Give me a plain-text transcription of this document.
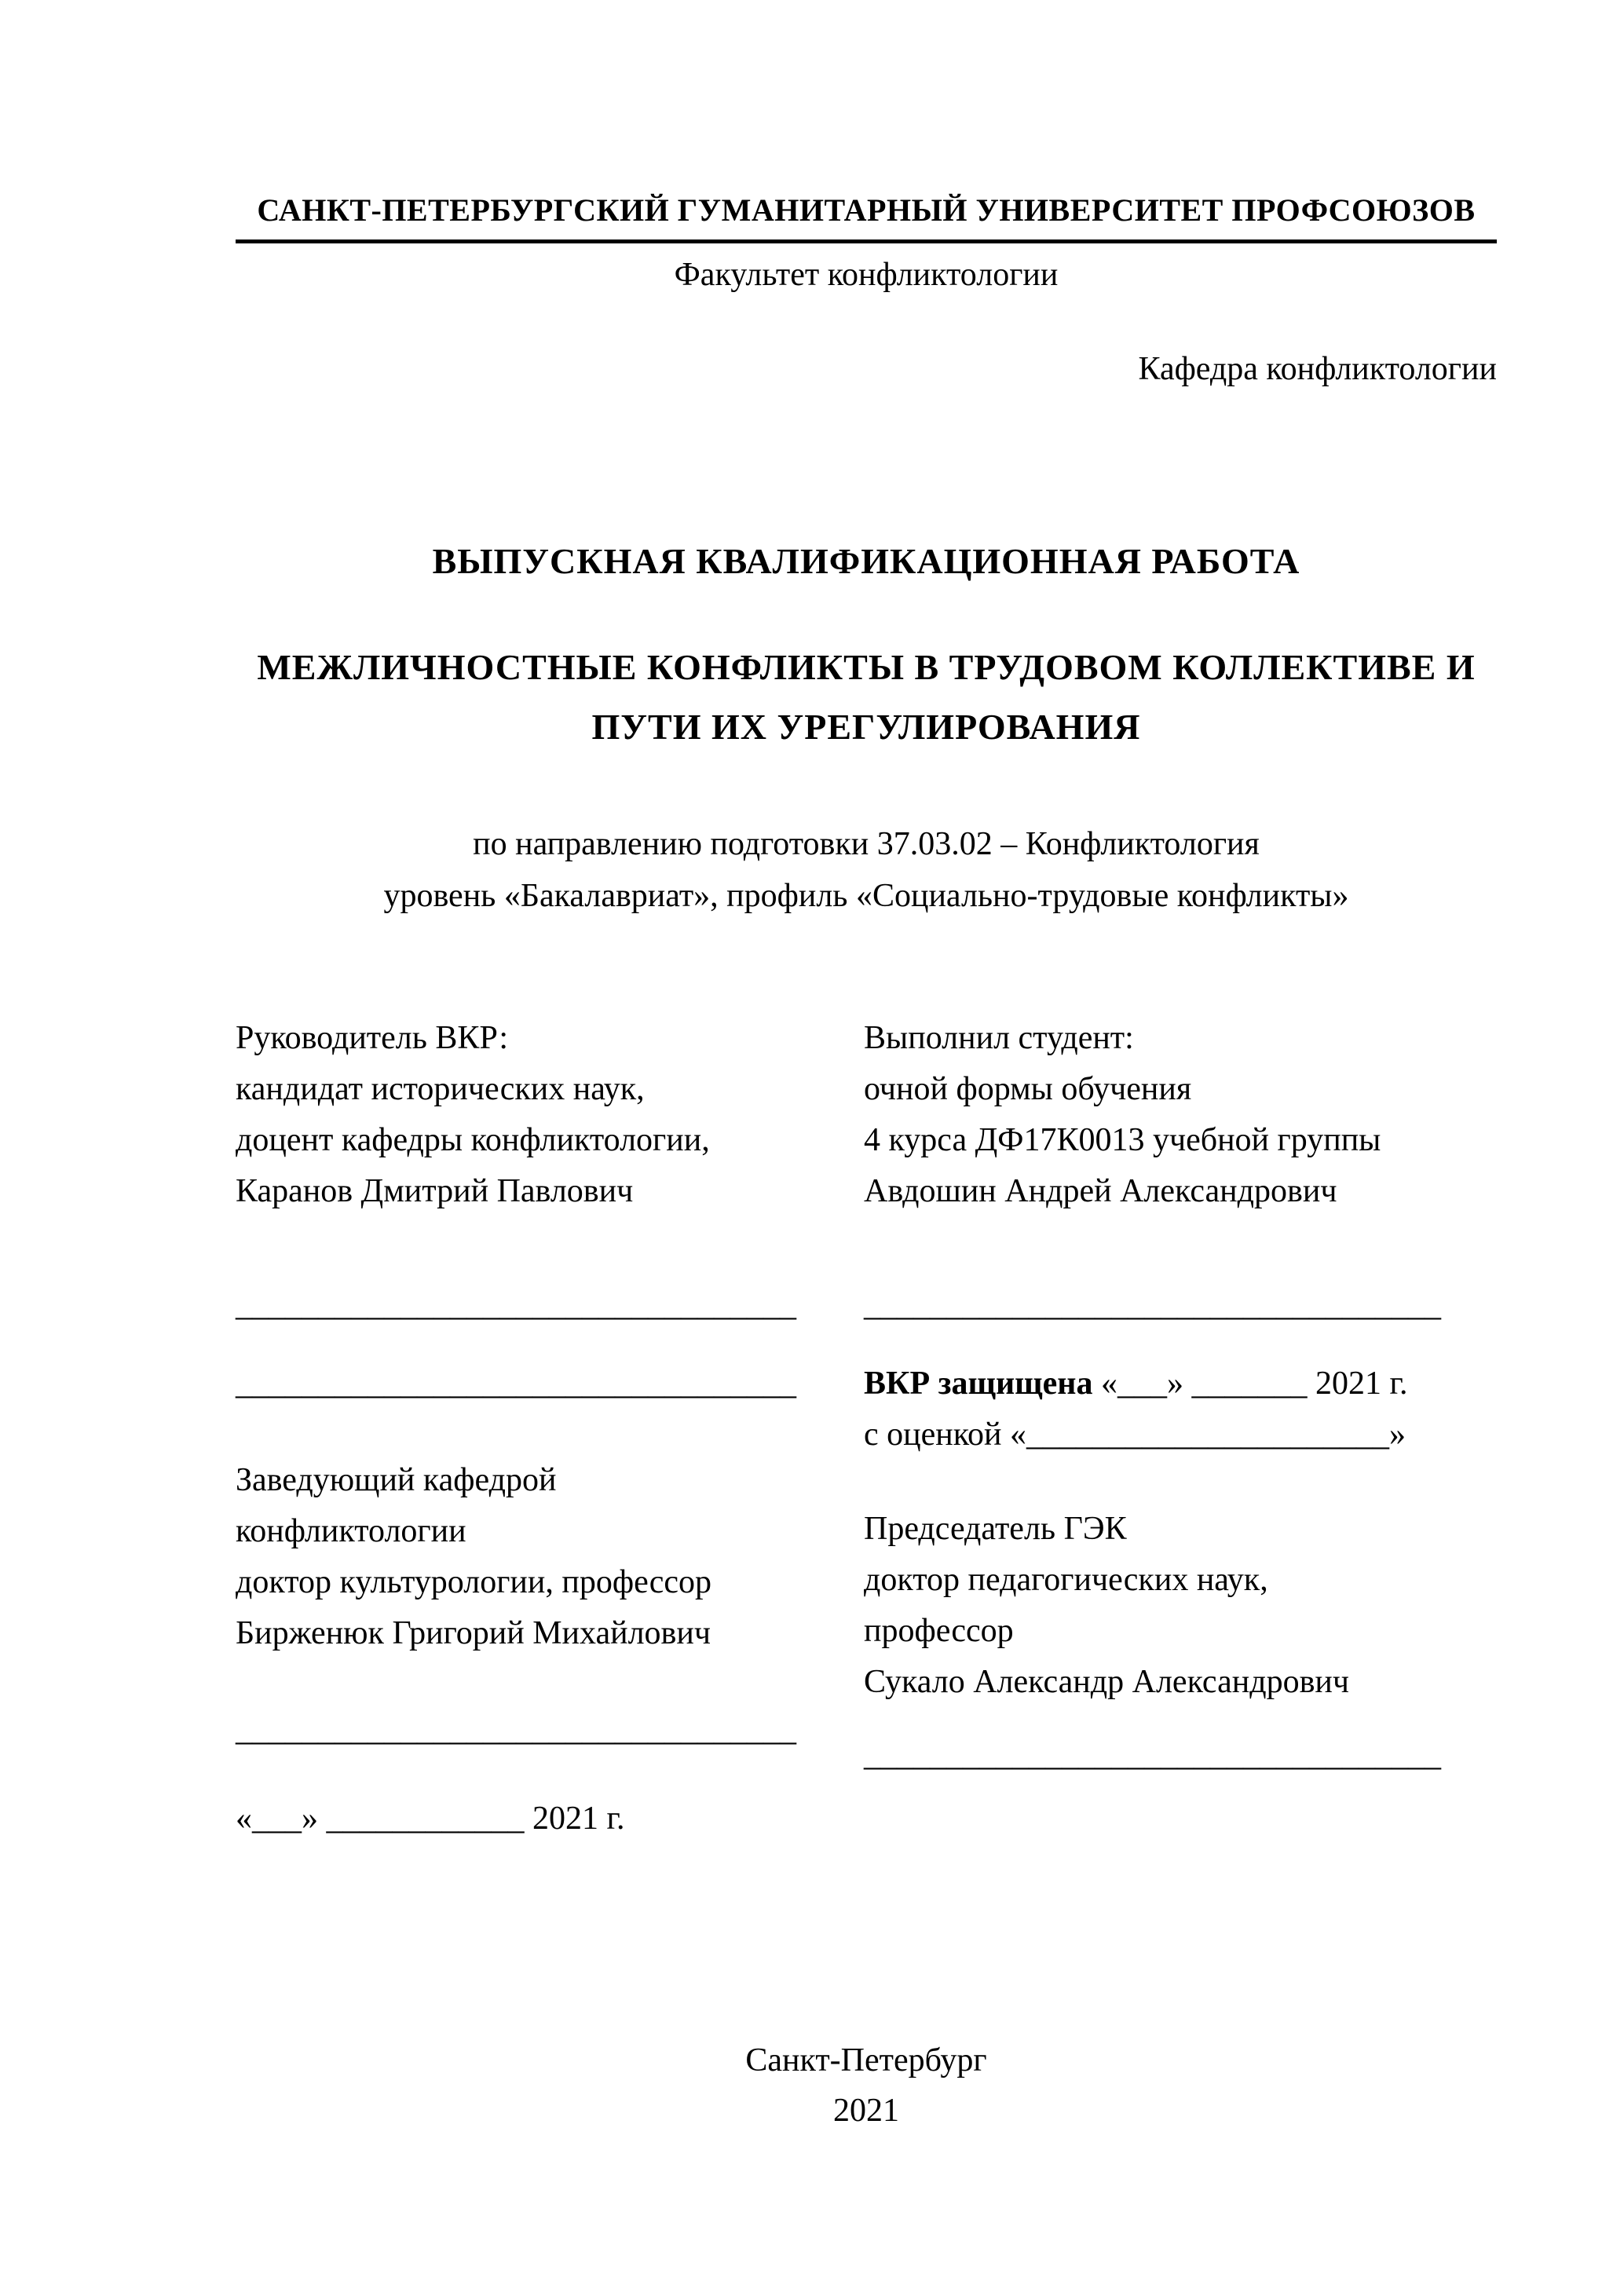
САНКТ-ПЕТЕРБУРГСКИЙ ГУМАНИТАРНЫЙ УНИВЕРСИТЕТ ПРОФСОЮЗОВ
Факультет конфликтологии
Кафедра конфликтологии
ВЫПУСКНАЯ КВАЛИФИКАЦИОННАЯ РАБОТА
МЕЖЛИЧНОСТНЫЕ КОНФЛИКТЫ В ТРУДОВОМ КОЛЛЕКТИВЕ И
ПУТИ ИХ УРЕГУЛИРОВАНИЯ
по направлению подготовки 37.03.02 – Конфликтология
уровень «Бакалавриат», профиль «Социально-трудовые конфликты»
Руководитель ВКР:
кандидат исторических наук,
доцент кафедры конфликтологии,
Каранов Дмитрий Павлович
__________________________________
__________________________________
Заведующий кафедрой
конфликтологии
доктор культурологии, профессор
Бирженюк Григорий Михайлович
__________________________________
«___» ____________ 2021 г.
Выполнил студент:
очной формы обучения
4 курса ДФ17К0013 учебной группы
Авдошин Андрей Александрович
___________________________________
ВКР защищена «___» _______ 2021 г.
с оценкой «______________________»
Председатель ГЭК
доктор педагогических наук,
профессор
Сукало Александр Александрович
___________________________________
Санкт-Петербург
2021
